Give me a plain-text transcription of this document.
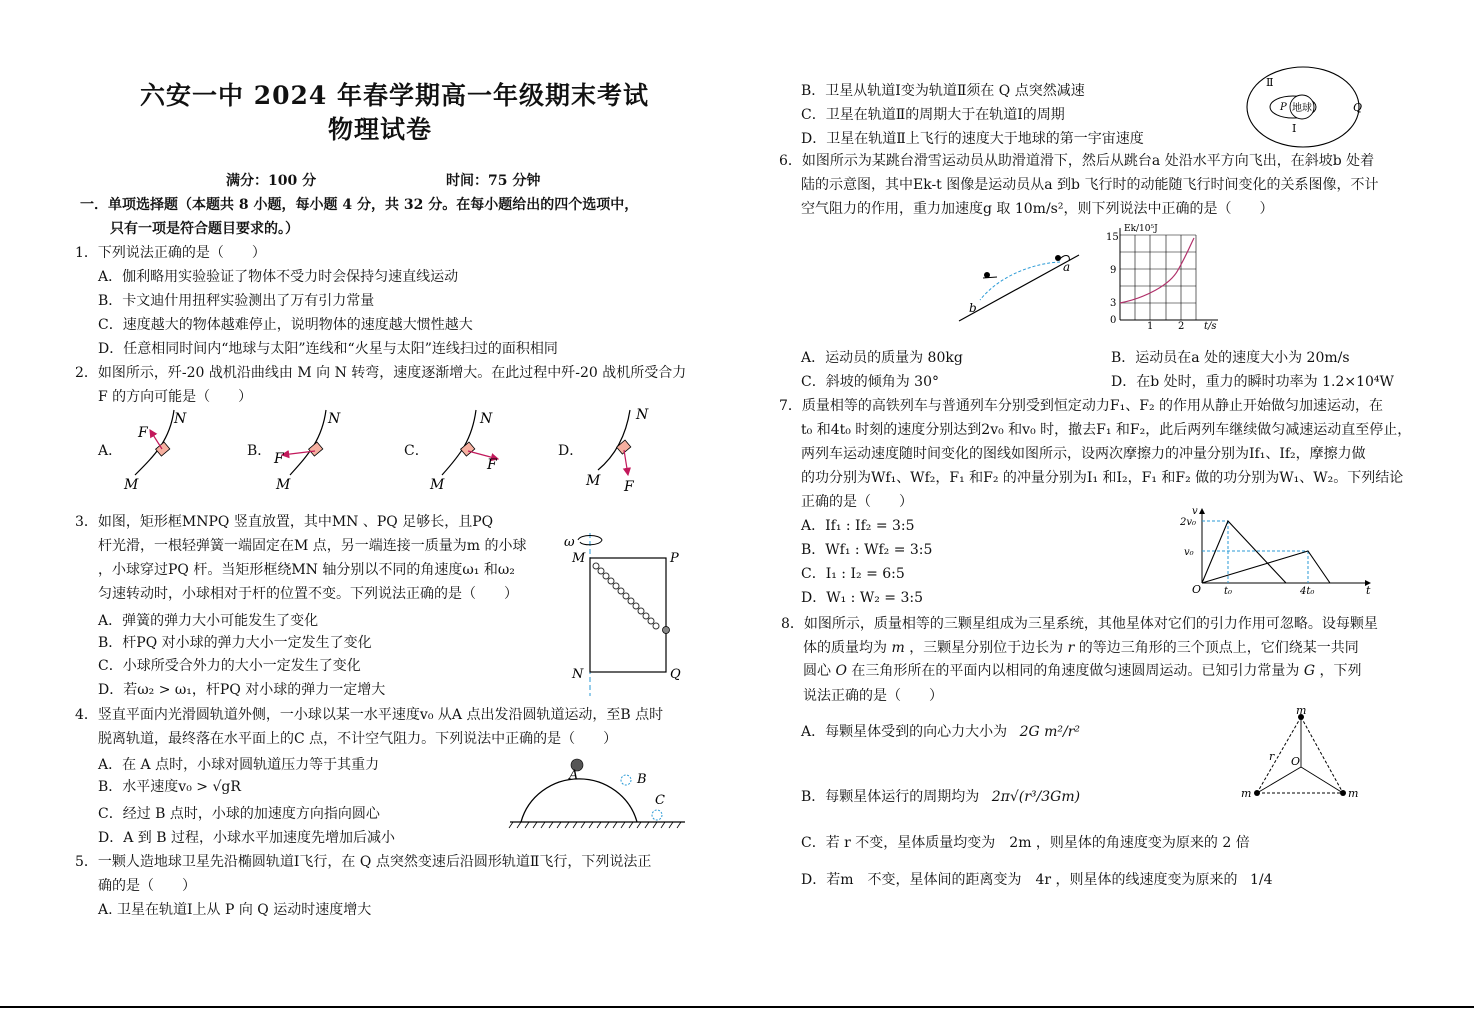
六安一中 2024 年春学期高一年级期末考试
物理试卷
满分：100 分	时间：75 分钟
一．单项选择题（本题共 8 小题，每小题 4 分，共 32 分。在每小题给出的四个选项中，
只有一项是符合题目要求的。）
1．下列说法正确的是（　　）
A．伽利略用实验验证了物体不受力时会保持匀速直线运动
B．卡文迪什用扭秤实验测出了万有引力常量
C．速度越大的物体越难停止，说明物体的速度越大惯性越大
D．任意相同时间内“地球与太阳”连线和“火星与太阳”连线扫过的面积相同
2．如图所示，歼-20 战机沿曲线由 M 向 N 转弯，速度逐渐增大。在此过程中歼-20 战机所受合力
F 的方向可能是（　　）
A．	B．	C．	D．
F
N
M
F
N
M
F
N
M	F
N
M
3．如图，矩形框MNPQ 竖直放置，其中MN 、PQ 足够长，且PQ
杆光滑，一根轻弹簧一端固定在M 点，另一端连接一质量为m 的小球
，小球穿过PQ 杆。当矩形框绕MN 轴分别以不同的角速度ω₁ 和ω₂
匀速转动时，小球相对于杆的位置不变。下列说法正确的是（　　）
A．弹簧的弹力大小可能发生了变化
B．杆PQ 对小球的弹力大小一定发生了变化
C．小球所受合外力的大小一定发生了变化
D．若ω₂ > ω₁，杆PQ 对小球的弹力一定增大
ω
M	P
N	Q
4．竖直平面内光滑圆轨道外侧，一小球以某一水平速度v₀ 从A 点出发沿圆轨道运动，至B 点时
脱离轨道，最终落在水平面上的C 点，不计空气阻力。下列说法中正确的是（　　）
A．在 A 点时，小球对圆轨道压力等于其重力
B．水平速度v₀ > √gR
C．经过 B 点时，小球的加速度方向指向圆心
D．A 到 B 过程，小球水平加速度先增加后减小
A	B
C
5．一颗人造地球卫星先沿椭圆轨道Ⅰ飞行，在 Q 点突然变速后沿圆形轨道Ⅱ飞行，下列说法正
确的是（　　）
A. 卫星在轨道Ⅰ上从 P 向 Q 运动时速度增大
B．卫星从轨道Ⅰ变为轨道Ⅱ须在 Q 点突然减速
C．卫星在轨道Ⅱ的周期大于在轨道Ⅰ的周期
D．卫星在轨道Ⅱ上飞行的速度大于地球的第一宇宙速度
地球
Ⅱ
Ⅰ
P	Q
6．如图所示为某跳台滑雪运动员从助滑道滑下，然后从跳台a 处沿水平方向飞出，在斜坡b 处着
陆的示意图，其中Ek-t 图像是运动员从a 到b 飞行时的动能随飞行时间变化的关系图像，不计
空气阻力的作用，重力加速度g 取 10m/s²，则下列说法中正确的是（　　）
a
b
Ek/10⁵J
15
9
3
0
1 2 t/s
A．运动员的质量为 80kg	B．运动员在a 处的速度大小为 20m/s
C．斜坡的倾角为 30°	D．在b 处时，重力的瞬时功率为 1.2×10⁴W
7．质量相等的高铁列车与普通列车分别受到恒定动力F₁、F₂ 的作用从静止开始做匀加速运动，在
t₀ 和4t₀ 时刻的速度分别达到2v₀ 和v₀ 时，撤去F₁ 和F₂，此后两列车继续做匀减速运动直至停止，
两列车运动速度随时间变化的图线如图所示，设两次摩擦力的冲量分别为If₁、If₂，摩擦力做
的功分别为Wf₁、Wf₂，F₁ 和F₂ 的冲量分别为I₁ 和I₂，F₁ 和F₂ 做的功分别为W₁、W₂。下列结论
正确的是（　　）
A．If₁ : If₂ = 3:5
B．Wf₁ : Wf₂ = 3:5
C．I₁ : I₂ = 6:5
D．W₁ : W₂ = 3:5
v
2v₀
v₀
O t₀	4t₀	t
8．如图所示，质量相等的三颗星组成为三星系统，其他星体对它们的引力作用可忽略。设每颗星
体的质量均为 m ，三颗星分别位于边长为 r 的等边三角形的三个顶点上，它们绕某一共同
圆心 O 在三角形所在的平面内以相同的角速度做匀速圆周运动。已知引力常量为 G ，下列
说法正确的是（　　）
A．每颗星体受到的向心力大小为 2G m²/r²
B．每颗星体运行的周期均为 2π√(r³/3Gm)
C．若 r 不变，星体质量均变为　2m ，则星体的角速度变为原来的 2 倍
D．若m　不变，星体间的距离变为　4r ，则星体的线速度变为原来的 1/4
m
m	m
r O
